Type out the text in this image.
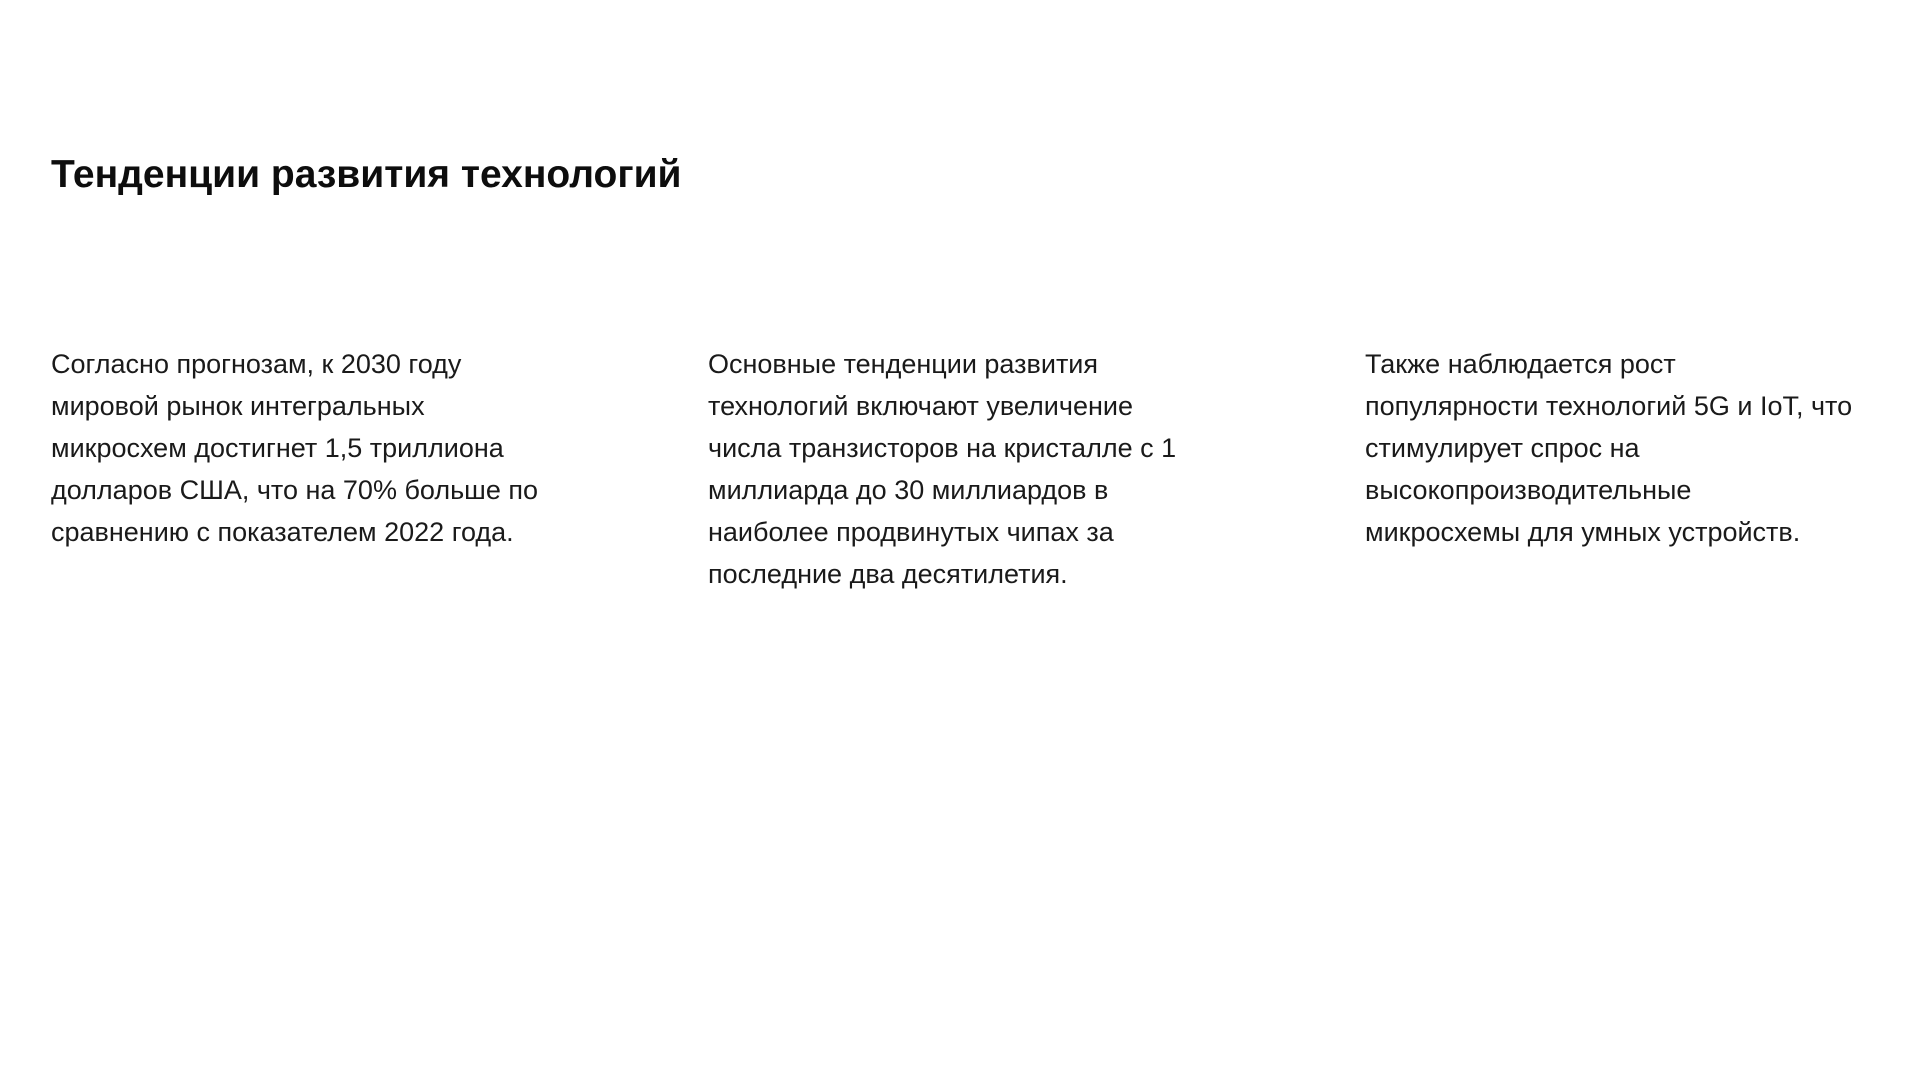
Тенденции развития технологий

Согласно прогнозам, к 2030 году
мировой рынок интегральных
микросхем достигнет 1,5 триллиона
долларов США, что на 70% больше по
сравнению с показателем 2022 года.

Основные тенденции развития
технологий включают увеличение
числа транзисторов на кристалле с 1
миллиарда до 30 миллиардов в
наиболее продвинутых чипах за
последние два десятилетия.

Также наблюдается рост
популярности технологий 5G и IoT, что
стимулирует спрос на
высокопроизводительные
микросхемы для умных устройств.
